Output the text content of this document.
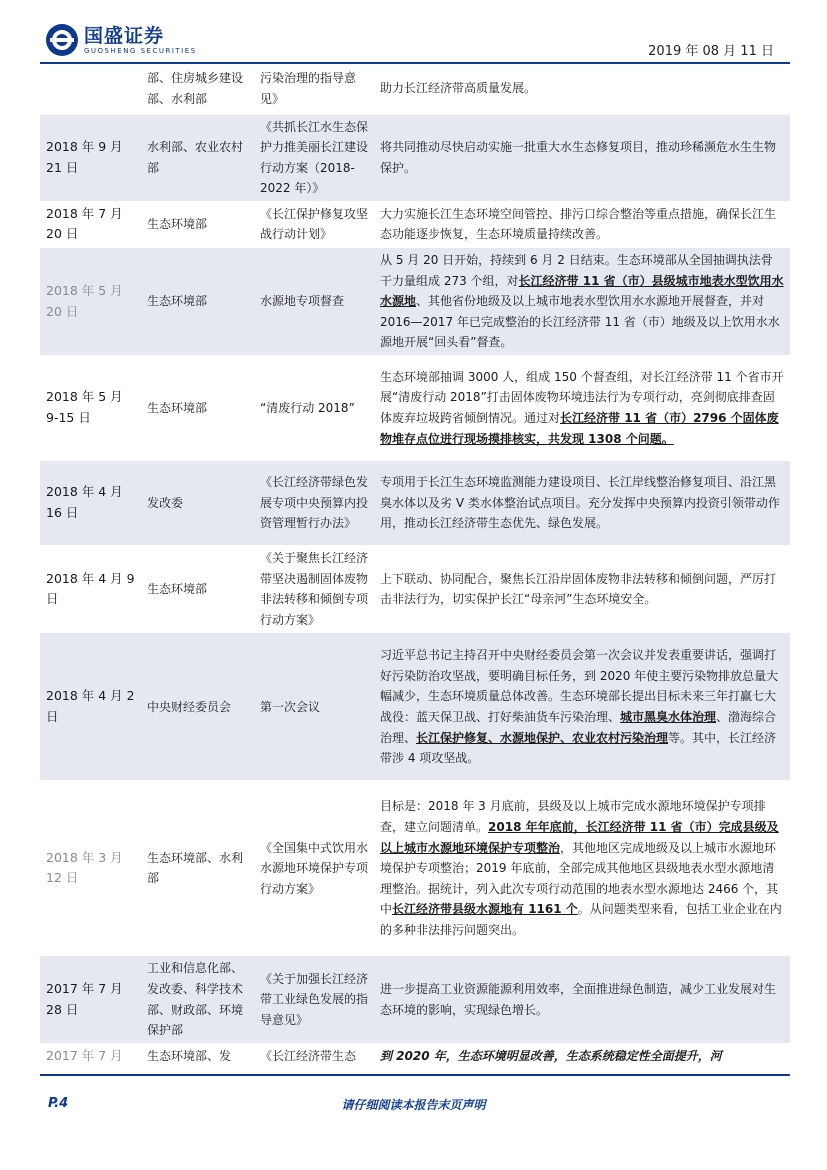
国盛证券
GUOSHENG SECURITIES	2019 年 08 月 11 日
	部、住房城乡建设部、水利部	污染治理的指导意见》	助力长江经济带高质量发展。
2018 年 9 月 21 日	水利部、农业农村部	《共抓长江水生态保护力推美丽长江建设行动方案（2018-2022 年）》	将共同推动尽快启动实施一批重大水生态修复项目，推动珍稀濒危水生生物保护。
2018 年 7 月 20 日	生态环境部	《长江保护修复攻坚战行动计划》	大力实施长江生态环境空间管控、排污口综合整治等重点措施，确保长江生态功能逐步恢复，生态环境质量持续改善。
2018 年 5 月 20 日	生态环境部	水源地专项督查	从 5 月 20 日开始，持续到 6 月 2 日结束。生态环境部从全国抽调执法骨干力量组成 273 个组，对长江经济带 11 省（市）县级城市地表水型饮用水水源地、其他省份地级及以上城市地表水型饮用水水源地开展督查，并对 2016—2017 年已完成整治的长江经济带 11 省（市）地级及以上饮用水水源地开展“回头看”督查。
2018 年 5 月 9-15 日	生态环境部	“清废行动 2018”	生态环境部抽调 3000 人，组成 150 个督查组，对长江经济带 11 个省市开展“清废行动 2018”打击固体废物环境违法行为专项行动，亮剑彻底排查固体废弃垃圾跨省倾倒情况。通过对长江经济带 11 省（市）2796 个固体废物堆存点位进行现场摸排核实，共发现 1308 个问题。
2018 年 4 月 16 日	发改委	《长江经济带绿色发展专项中央预算内投资管理暂行办法》	专项用于长江生态环境监测能力建设项目、长江岸线整治修复项目、沿江黑臭水体以及劣 V 类水体整治试点项目。充分发挥中央预算内投资引领带动作用，推动长江经济带生态优先、绿色发展。
2018 年 4 月 9 日	生态环境部	《关于聚焦长江经济带坚决遏制固体废物非法转移和倾倒专项行动方案》	上下联动、协同配合，聚焦长江沿岸固体废物非法转移和倾倒问题，严厉打击非法行为，切实保护长江“母亲河”生态环境安全。
2018 年 4 月 2 日	中央财经委员会	第一次会议	习近平总书记主持召开中央财经委员会第一次会议并发表重要讲话，强调打好污染防治攻坚战，要明确目标任务，到 2020 年使主要污染物排放总量大幅减少，生态环境质量总体改善。生态环境部长提出目标未来三年打赢七大战役：蓝天保卫战、打好柴油货车污染治理、城市黑臭水体治理、渤海综合治理、长江保护修复、水源地保护、农业农村污染治理等。其中，长江经济带涉 4 项攻坚战。
2018 年 3 月 12 日	生态环境部、水利部	《全国集中式饮用水水源地环境保护专项行动方案》	目标是：2018 年 3 月底前，县级及以上城市完成水源地环境保护专项排查，建立问题清单。2018 年年底前，长江经济带 11 省（市）完成县级及以上城市水源地环境保护专项整治，其他地区完成地级及以上城市水源地环境保护专项整治；2019 年底前，全部完成其他地区县级地表水型水源地清理整治。据统计，列入此次专项行动范围的地表水型水源地达 2466 个，其中长江经济带县级水源地有 1161 个。从问题类型来看，包括工业企业在内的多种非法排污问题突出。
2017 年 7 月 28 日	工业和信息化部、发改委、科学技术部、财政部、环境保护部	《关于加强长江经济带工业绿色发展的指导意见》	进一步提高工业资源能源利用效率，全面推进绿色制造，减少工业发展对生态环境的影响，实现绿色增长。
2017 年 7 月	生态环境部、发	《长江经济带生态	到 2020 年，生态环境明显改善，生态系统稳定性全面提升，河
请仔细阅读本报告末页声明
P.4
